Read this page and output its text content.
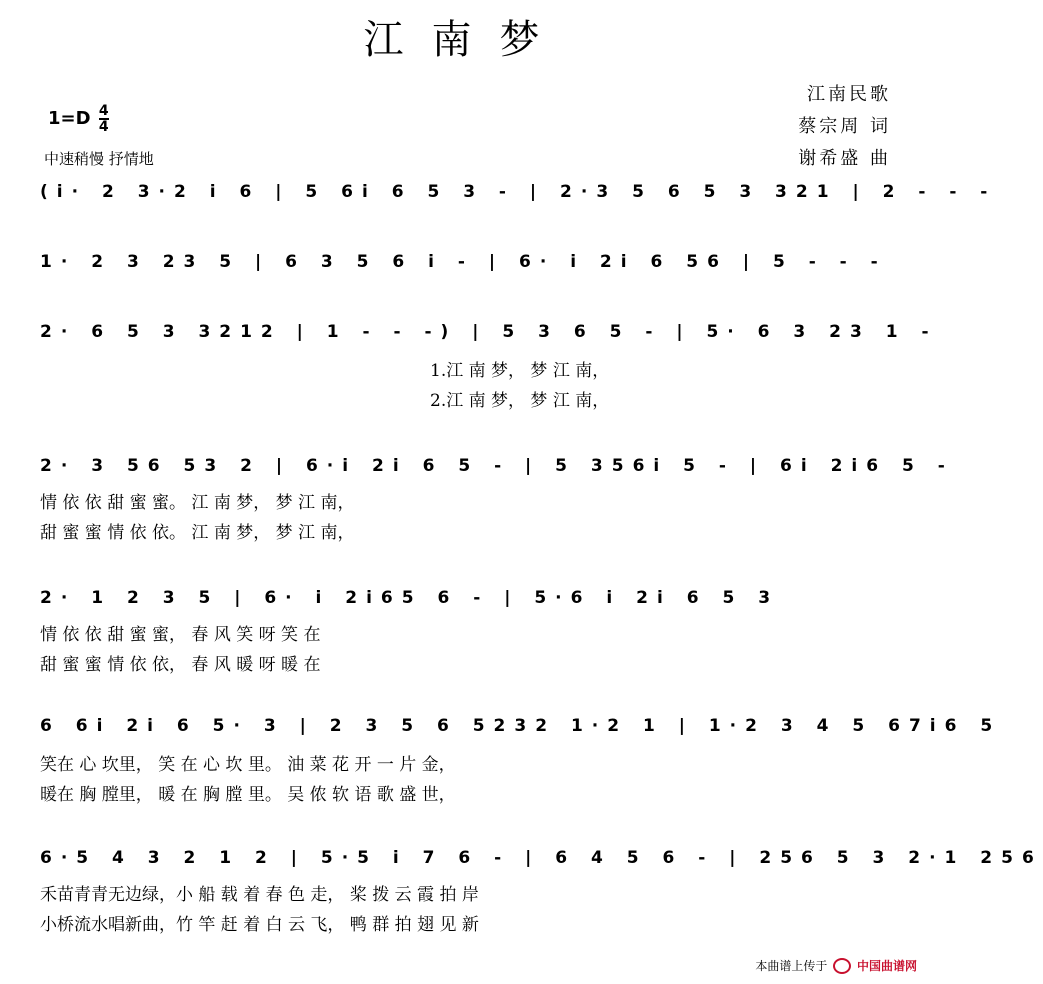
江南梦
江南民歌
蔡宗周 词
谢希盛 曲
$1=D \frac{4}{4}$
中速稍慢 抒情地
(i· 2 3·2 i 6 | 5 6i 6 5 3 - | 2·3 5 6 5 3 321 | 2 - - -
1· 2 3 23 5 | 6 3 5 6 i - | 6· i 2i 6 56 | 5 - - -
2· 6 5 3 3212 | 1 - - -) | 5 3 6 5 - | 5· 6 3 23 1 -
1.江 南 梦， 梦 江 南，
2.江 南 梦， 梦 江 南，
2· 3 56 53 2 | 6·i 2i 6 5 - | 5 356i 5 - | 6i 2i6 5 -
情 依 依 甜 蜜 蜜。 江 南 梦， 梦 江 南，
甜 蜜 蜜 情 依 依。 江 南 梦， 梦 江 南，
2· 1 2 3 5 | 6· i 2i65 6 - | 5·6 i 2i 6 5 3
情 依 依 甜 蜜 蜜， 春 风 笑 呀 笑 在
甜 蜜 蜜 情 依 依， 春 风 暖 呀 暖 在
6 6i 2i 6 5· 3 | 2 3 5 6 5232 1·2 1 | 1·2 3 4 5 67i6 5
笑在 心 坎里， 笑 在 心 坎 里。 油 菜 花 开 一 片 金，
暖在 胸 膛里， 暖 在 胸 膛 里。 吴 侬 软 语 歌 盛 世，
6·5 4 3 2 1 2 | 5·5 i 7 6 - | 6 4 5 6 - | 256 5 3 2·1 256
禾苗青青无边绿，小 船 载 着 春 色 走， 桨 拨 云 霞 拍 岸
小桥流水唱新曲，竹 竿 赶 着 白 云 飞， 鸭 群 拍 翅 见 新
本曲谱上传于 中国曲谱网
